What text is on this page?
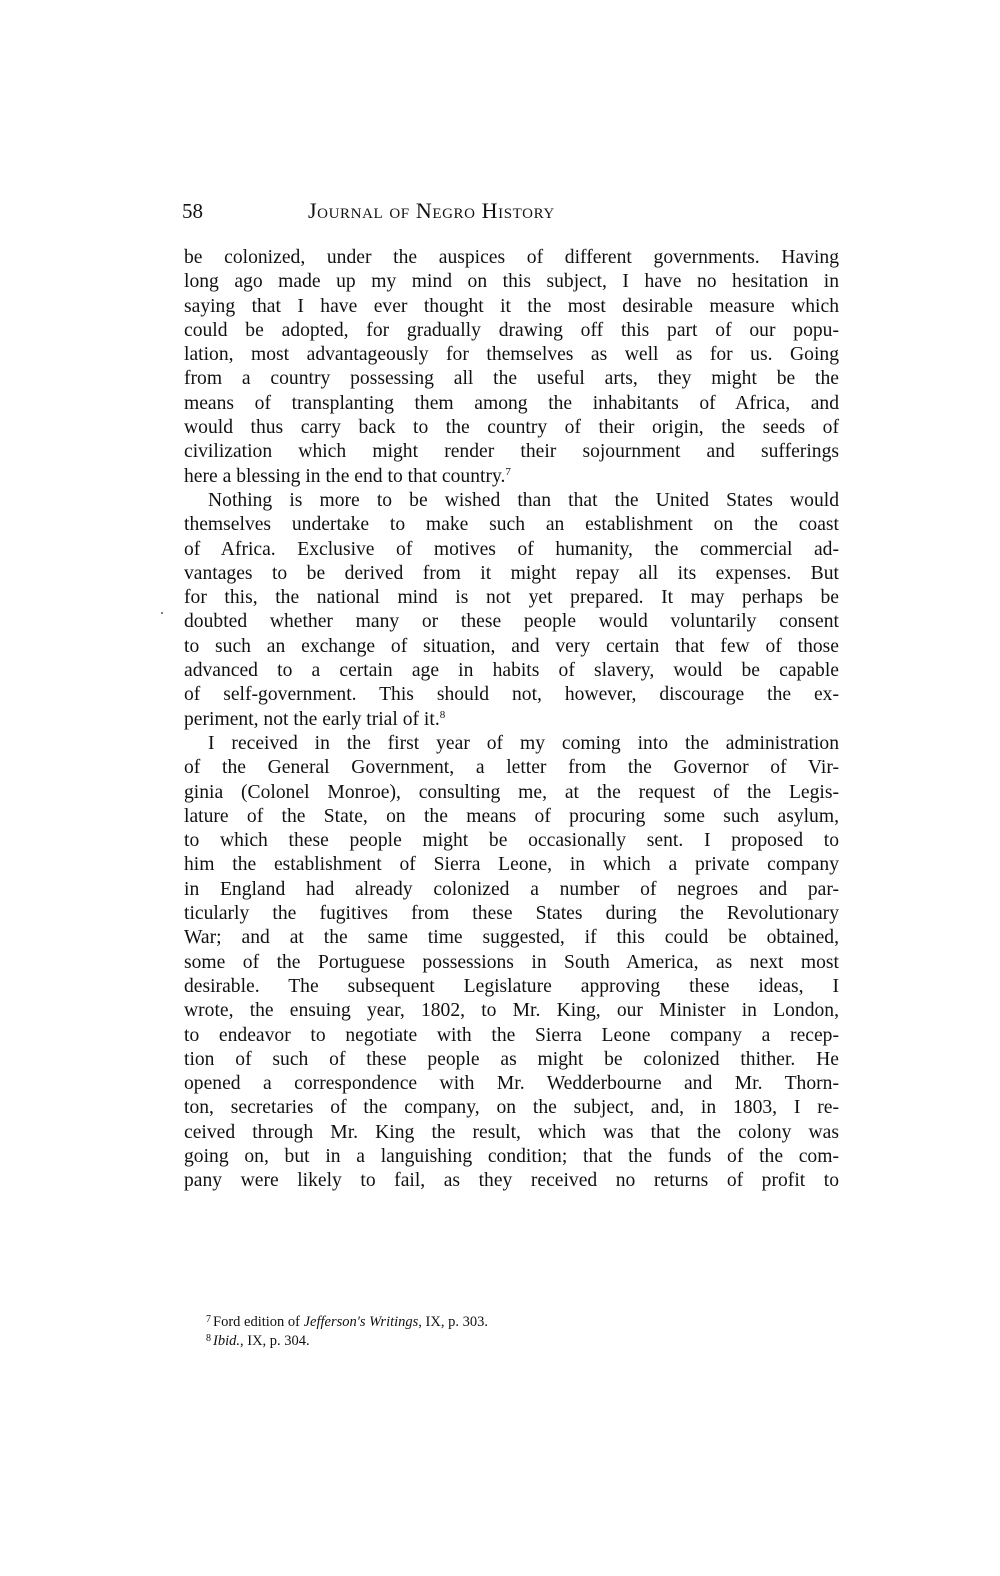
58	Journal of Negro History

be colonized, under the auspices of different governments. Having
long ago made up my mind on this subject, I have no hesitation in
saying that I have ever thought it the most desirable measure which
could be adopted, for gradually drawing off this part of our popu-
lation, most advantageously for themselves as well as for us. Going
from a country possessing all the useful arts, they might be the
means of transplanting them among the inhabitants of Africa, and
would thus carry back to the country of their origin, the seeds of
civilization which might render their sojournment and sufferings
here a blessing in the end to that country.$^7$

Nothing is more to be wished than that the United States would
themselves undertake to make such an establishment on the coast
of Africa. Exclusive of motives of humanity, the commercial ad-
vantages to be derived from it might repay all its expenses. But
for this, the national mind is not yet prepared. It may perhaps be
doubted whether many or these people would voluntarily consent
to such an exchange of situation, and very certain that few of those
advanced to a certain age in habits of slavery, would be capable
of self-government. This should not, however, discourage the ex-
periment, not the early trial of it.$^8$

I received in the first year of my coming into the administration
of the General Government, a letter from the Governor of Vir-
ginia (Colonel Monroe), consulting me, at the request of the Legis-
lature of the State, on the means of procuring some such asylum,
to which these people might be occasionally sent. I proposed to
him the establishment of Sierra Leone, in which a private company
in England had already colonized a number of negroes and par-
ticularly the fugitives from these States during the Revolutionary
War; and at the same time suggested, if this could be obtained,
some of the Portuguese possessions in South America, as next most
desirable. The subsequent Legislature approving these ideas, I
wrote, the ensuing year, 1802, to Mr. King, our Minister in London,
to endeavor to negotiate with the Sierra Leone company a recep-
tion of such of these people as might be colonized thither. He
opened a correspondence with Mr. Wedderbourne and Mr. Thorn-
ton, secretaries of the company, on the subject, and, in 1803, I re-
ceived through Mr. King the result, which was that the colony was
going on, but in a languishing condition; that the funds of the com-
pany were likely to fail, as they received no returns of profit to

$^7$ Ford edition of Jefferson's Writings, IX, p. 303.
$^8$ Ibid., IX, p. 304.
